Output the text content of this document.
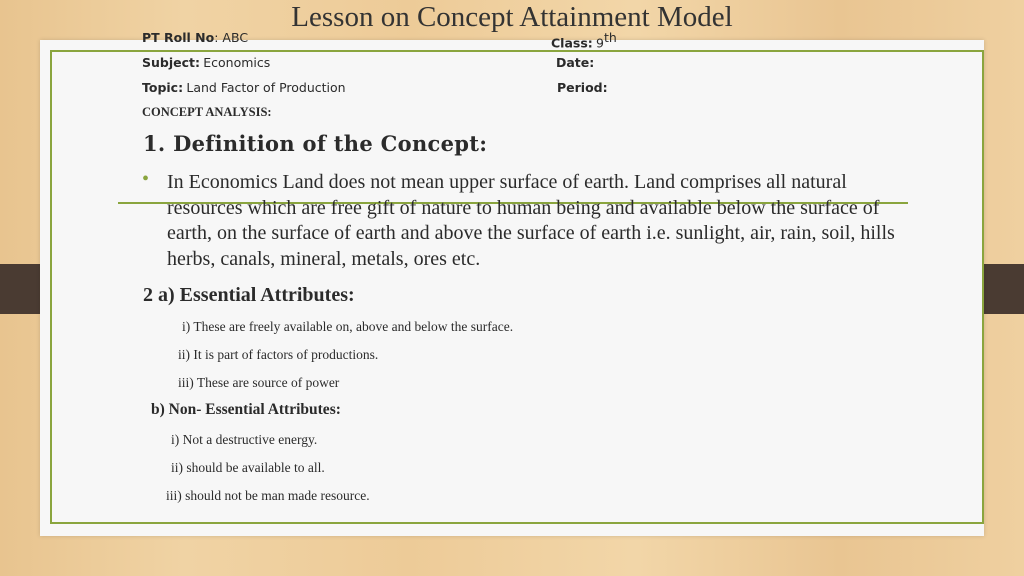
Lesson on Concept Attainment Model
PT Roll No: ABC
Subject: Economics
Topic: Land Factor of Production
Class: 9th
Date:
Period:
CONCEPT ANALYSIS:
1. Definition of the Concept:
• In Economics Land does not mean upper surface of earth. Land comprises all natural resources which are free gift of nature to human being and available below the surface of earth, on the surface of earth and above the surface of earth i.e. sunlight, air, rain, soil, hills herbs, canals, mineral, metals, ores etc.
2 a) Essential Attributes:
i) These are freely available on, above and below the surface.
ii) It is part of factors of productions.
iii) These are source of power
b) Non- Essential Attributes:
i) Not a destructive energy.
ii) should be available to all.
iii) should not be man made resource.
